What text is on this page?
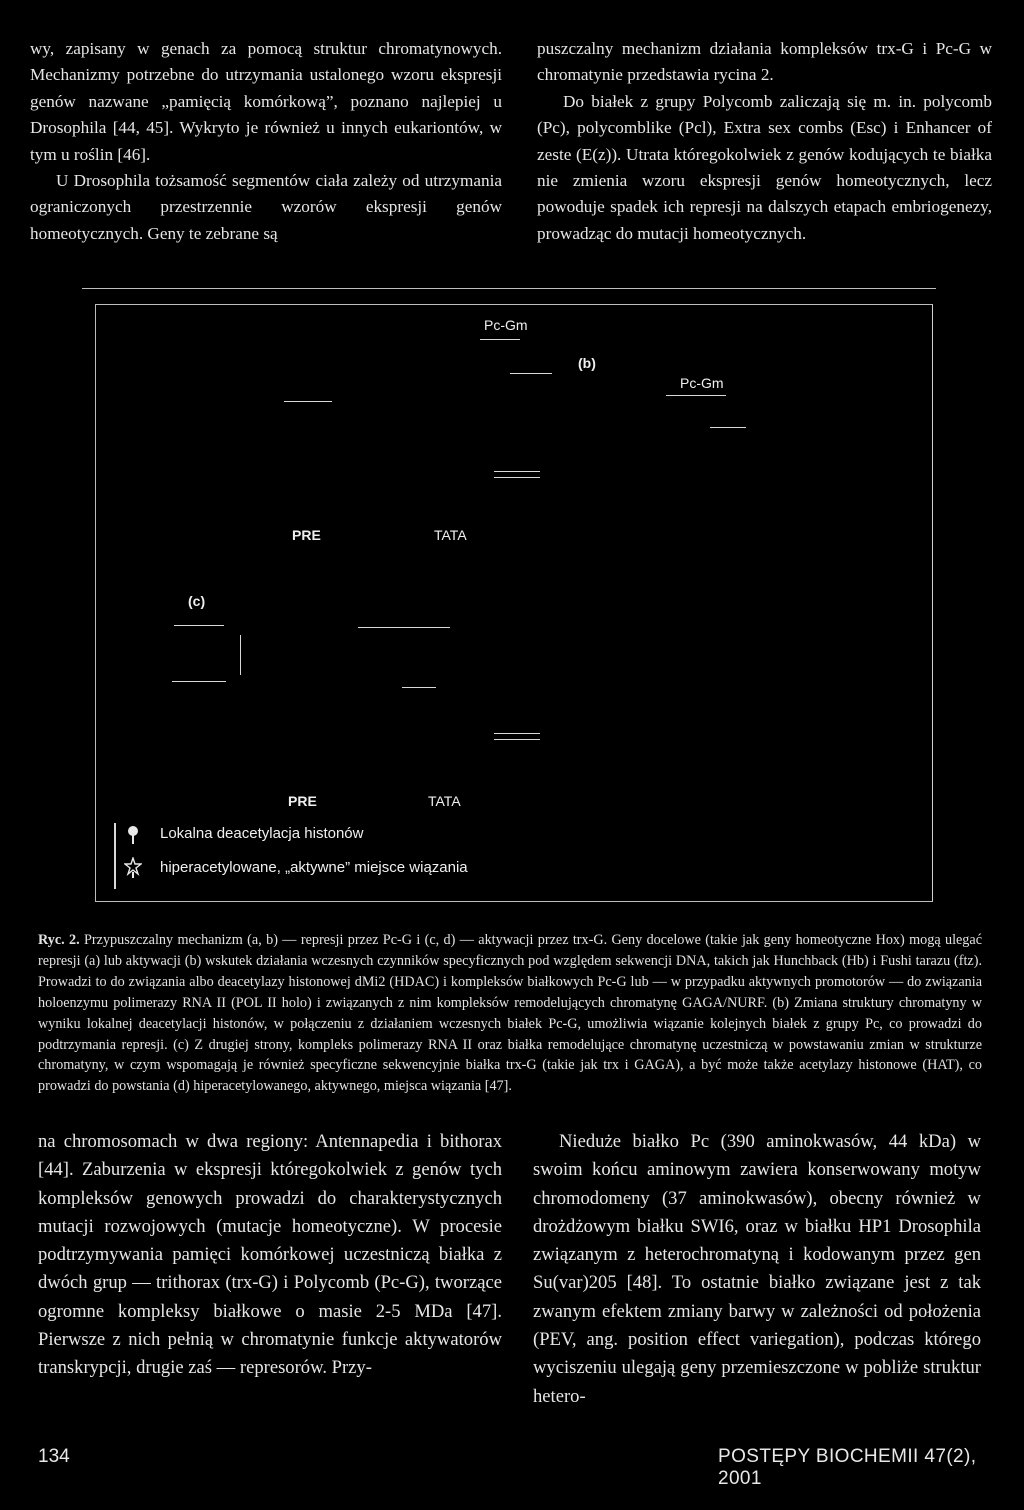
wy, zapisany w genach za pomocą struktur chromatynowych. Mechanizmy potrzebne do utrzymania ustalonego wzoru ekspresji genów nazwane „pamięcią komórkową”, poznano najlepiej u Drosophila [44, 45]. Wykryto je również u innych eukariontów, w tym u roślin [46].

U Drosophila tożsamość segmentów ciała zależy od utrzymania ograniczonych przestrzennie wzorów ekspresji genów homeotycznych. Geny te zebrane są

puszczalny mechanizm działania kompleksów trx-G i Pc-G w chromatynie przedstawia rycina 2.

Do białek z grupy Polycomb zaliczają się m. in. polycomb (Pc), polycomblike (Pcl), Extra sex combs (Esc) i Enhancer of zeste (E(z)). Utrata któregokolwiek z genów kodujących te białka nie zmienia wzoru ekspresji genów homeotycznych, lecz powoduje spadek ich represji na dalszych etapach embriogenezy, prowadząc do mutacji homeotycznych.

Pc-Gm
(b)
Pc-Gm
PRE	TATA
(c)
PRE	TATA
Lokalna deacetylacja histonów
hiperacetylowane, „aktywne” miejsce wiązania
Ryc. 2. Przypuszczalny mechanizm (a, b) — represji przez Pc-G i (c, d) — aktywacji przez trx-G. Geny docelowe (takie jak geny homeotyczne Hox) mogą ulegać represji (a) lub aktywacji (b) wskutek działania wczesnych czynników specyficznych pod względem sekwencji DNA, takich jak Hunchback (Hb) i Fushi tarazu (ftz). Prowadzi to do związania albo deacetylazy histonowej dMi2 (HDAC) i kompleksów białkowych Pc-G lub — w przypadku aktywnych promotorów — do związania holoenzymu polimerazy RNA II (POL II holo) i związanych z nim kompleksów remodelujących chromatynę GAGA/NURF. (b) Zmiana struktury chromatyny w wyniku lokalnej deacetylacji histonów, w połączeniu z działaniem wczesnych białek Pc-G, umożliwia wiązanie kolejnych białek z grupy Pc, co prowadzi do podtrzymania represji. (c) Z drugiej strony, kompleks polimerazy RNA II oraz białka remodelujące chromatynę uczestniczą w powstawaniu zmian w strukturze chromatyny, w czym wspomagają je również specyficzne sekwencyjnie białka trx-G (takie jak trx i GAGA), a być może także acetylazy histonowe (HAT), co prowadzi do powstania (d) hiperacetylowanego, aktywnego, miejsca wiązania [47].

na chromosomach w dwa regiony: Antennapedia i bithorax [44]. Zaburzenia w ekspresji któregokolwiek z genów tych kompleksów genowych prowadzi do charakterystycznych mutacji rozwojowych (mutacje homeotyczne). W procesie podtrzymywania pamięci komórkowej uczestniczą białka z dwóch grup — trithorax (trx-G) i Polycomb (Pc-G), tworzące ogromne kompleksy białkowe o masie 2-5 MDa [47]. Pierwsze z nich pełnią w chromatynie funkcje aktywatorów transkrypcji, drugie zaś — represorów. Przy-

Nieduże białko Pc (390 aminokwasów, 44 kDa) w swoim końcu aminowym zawiera konserwowany motyw chromodomeny (37 aminokwasów), obecny również w drożdżowym białku SWI6, oraz w białku HP1 Drosophila związanym z heterochromatyną i kodowanym przez gen Su(var)205 [48]. To ostatnie białko związane jest z tak zwanym efektem zmiany barwy w zależności od położenia (PEV, ang. position effect variegation), podczas którego wyciszeniu ulegają geny przemieszczone w pobliże struktur hetero-

134	POSTĘPY BIOCHEMII 47(2), 2001
